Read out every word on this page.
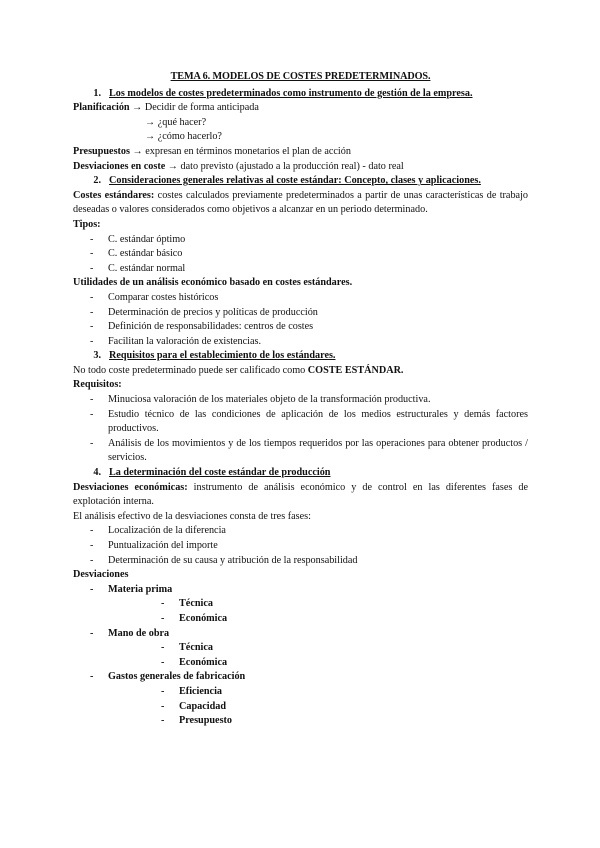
TEMA 6. MODELOS DE COSTES PREDETERMINADOS.
1. Los modelos de costes predeterminados como instrumento de gestión de la empresa.
Planificación → Decidir de forma anticipada
→ ¿qué hacer?
→ ¿cómo hacerlo?
Presupuestos → expresan en términos monetarios el plan de acción
Desviaciones en coste → dato previsto (ajustado a la producción real) - dato real
2. Consideraciones generales relativas al coste estándar: Concepto, clases y aplicaciones.
Costes estándares: costes calculados previamente predeterminados a partir de unas características de trabajo deseadas o valores considerados como objetivos a alcanzar en un periodo determinado.
Tipos:
- C. estándar óptimo
- C. estándar básico
- C. estándar normal
Utilidades de un análisis económico basado en costes estándares.
- Comparar costes históricos
- Determinación de precios y políticas de producción
- Definición de responsabilidades: centros de costes
- Facilitan la valoración de existencias.
3. Requisitos para el establecimiento de los estándares.
No todo coste predeterminado puede ser calificado como COSTE ESTÁNDAR.
Requisitos:
- Minuciosa valoración de los materiales objeto de la transformación productiva.
- Estudio técnico de las condiciones de aplicación de los medios estructurales y demás factores productivos.
- Análisis de los movimientos y de los tiempos requeridos por las operaciones para obtener productos / servicios.
4. La determinación del coste estándar de producción
Desviaciones económicas: instrumento de análisis económico y de control en las diferentes fases de explotación interna.
El análisis efectivo de la desviaciones consta de tres fases:
- Localización de la diferencia
- Puntualización del importe
- Determinación de su causa y atribución de la responsabilidad
Desviaciones
- Materia prima
- Técnica
- Económica
- Mano de obra
- Técnica
- Económica
- Gastos generales de fabricación
- Eficiencia
- Capacidad
- Presupuesto
